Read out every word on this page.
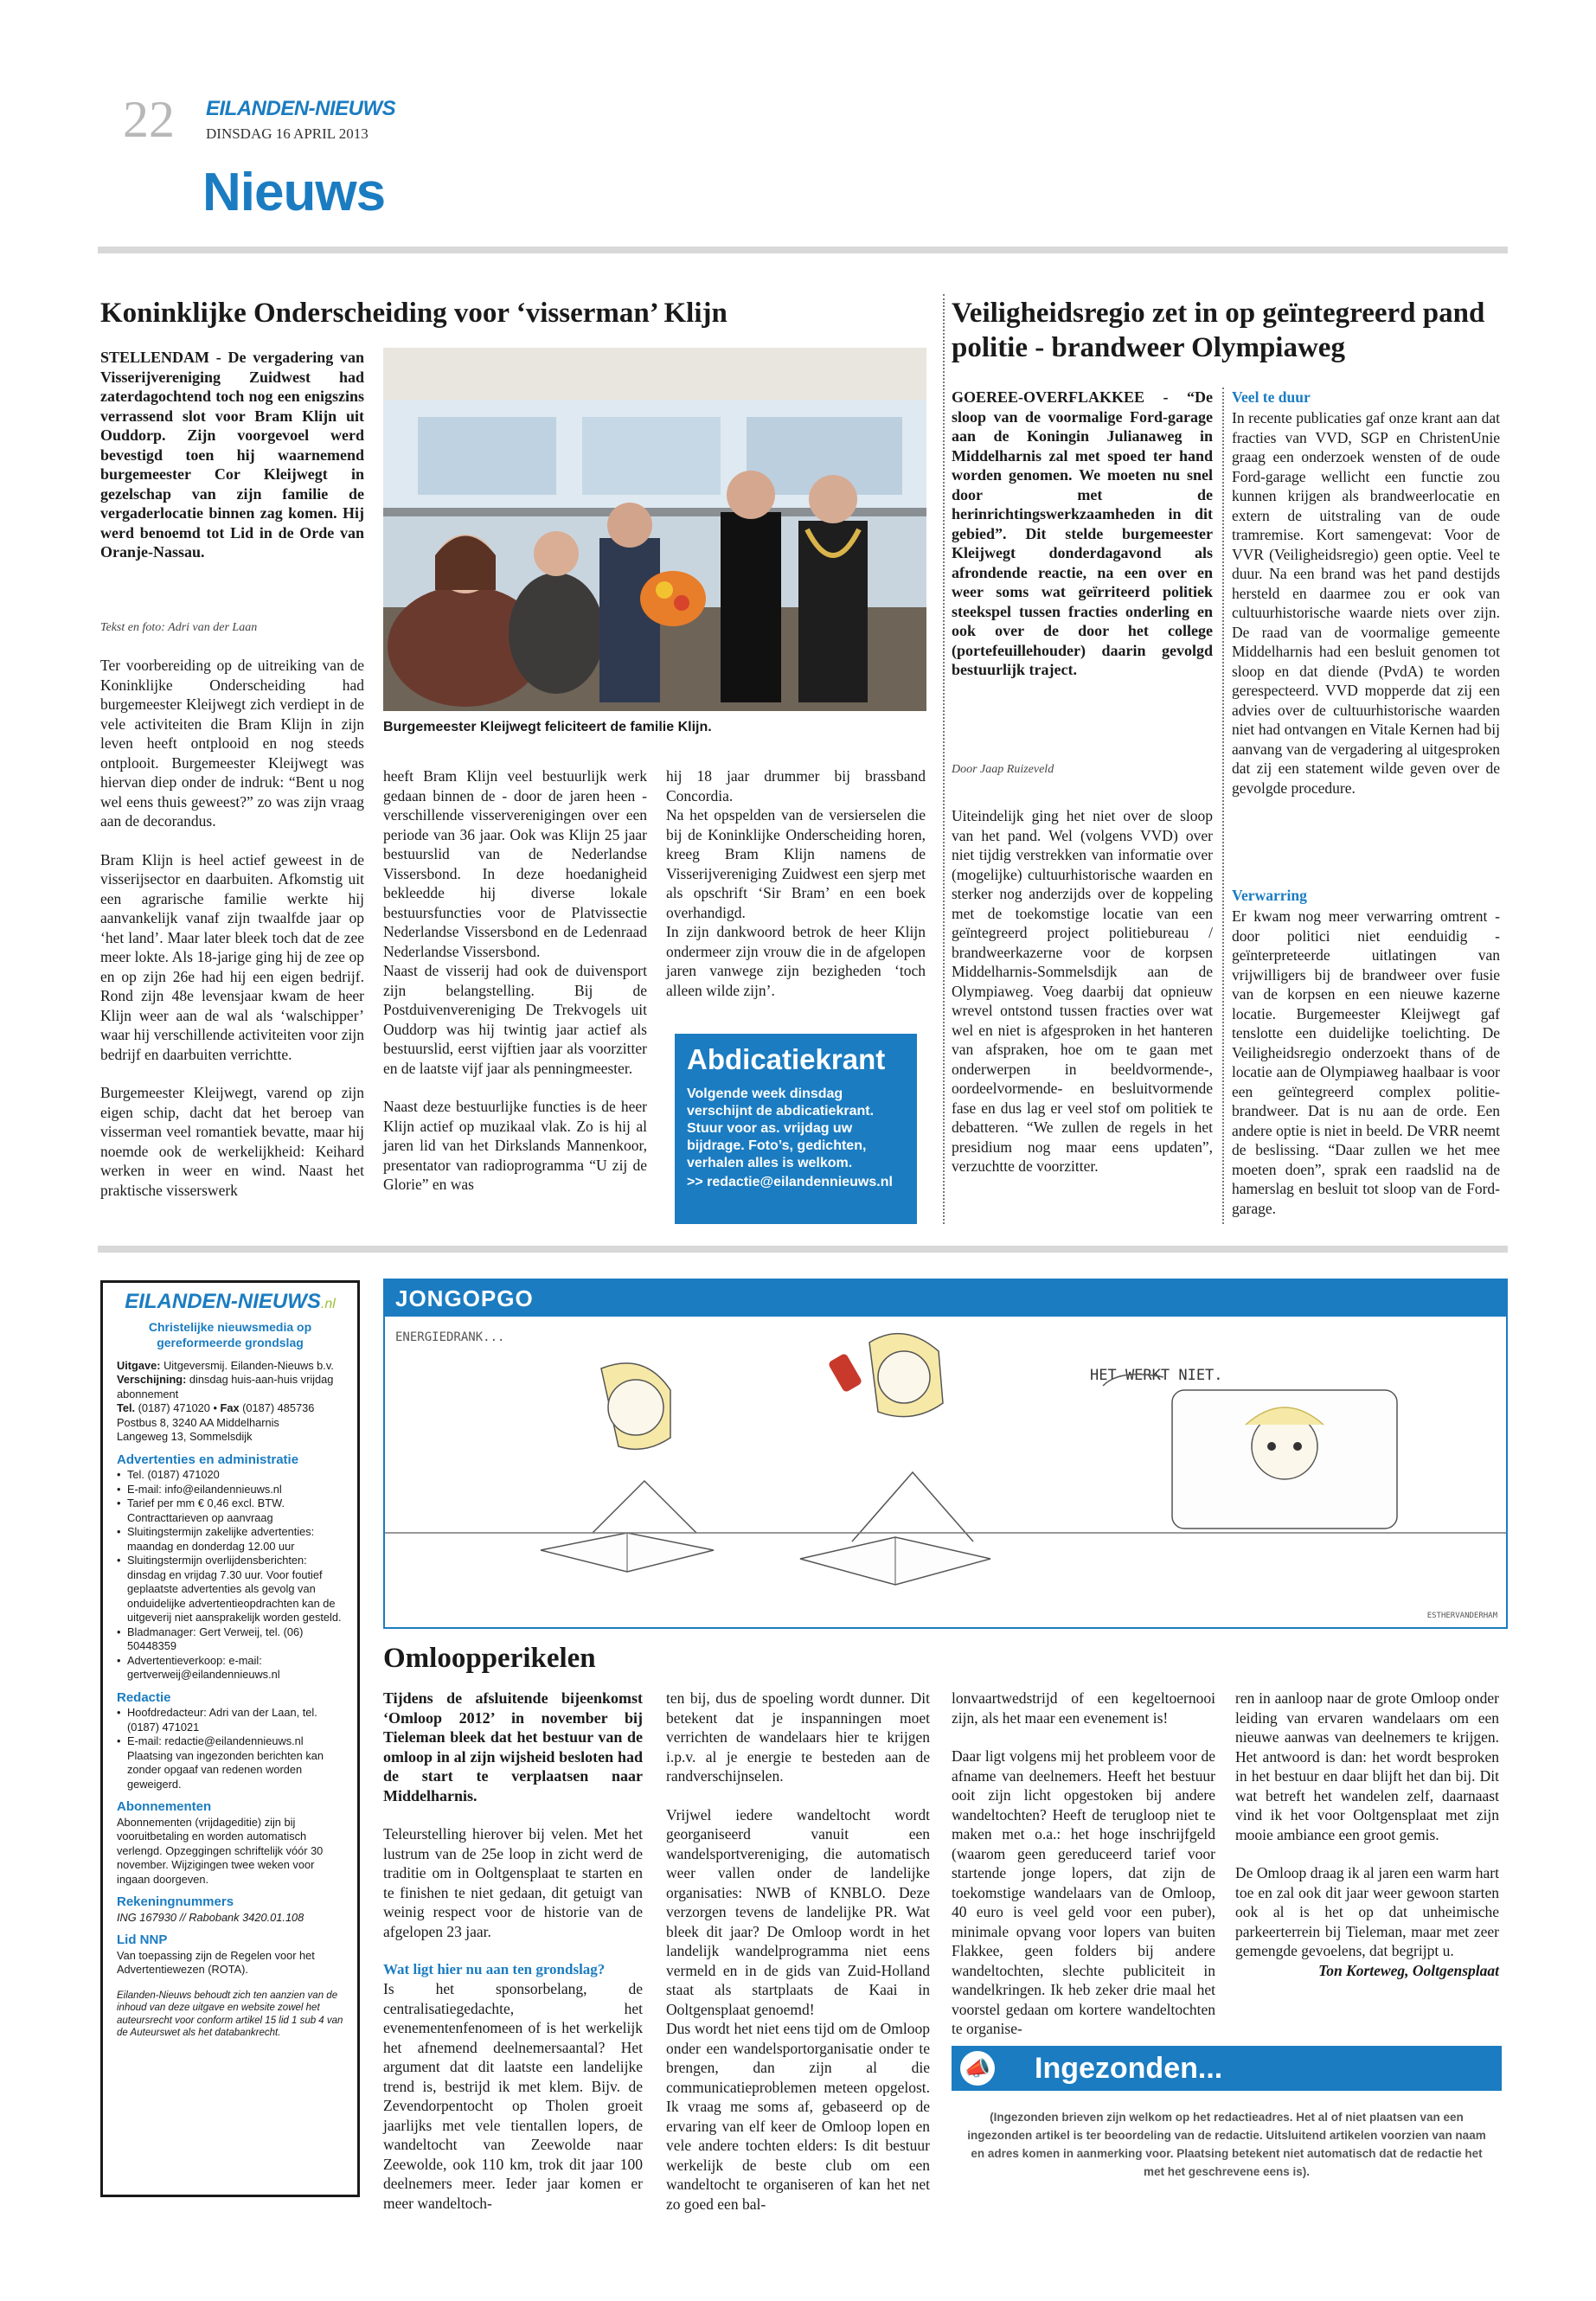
22 EILANDEN-NIEUWS
DINSDAG 16 APRIL 2013
Nieuws
Koninklijke Onderscheiding voor ‘visserman’ Klijn
STELLENDAM - De vergadering van Visserijvereniging Zuidwest had zaterdagochtend toch nog een enigszins verrassend slot voor Bram Klijn uit Ouddorp. Zijn voorgevoel werd bevestigd toen hij waarnemend burgemeester Cor Kleijwegt in gezelschap van zijn familie de vergaderlocatie binnen zag komen. Hij werd benoemd tot Lid in de Orde van Oranje-Nassau.
Tekst en foto: Adri van der Laan

Ter voorbereiding op de uitreiking van de Koninklijke Onderscheiding had burgemeester Kleijwegt zich verdiept in de vele activiteiten die Bram Klijn in zijn leven heeft ontplooid en nog steeds ontplooit. Burgemeester Kleijwegt was hiervan diep onder de indruk: “Bent u nog wel eens thuis geweest?” zo was zijn vraag aan de decorandus.

Bram Klijn is heel actief geweest in de visserijsector en daarbuiten. Afkomstig uit een agrarische familie werkte hij aanvankelijk vanaf zijn twaalfde jaar op ‘het land’. Maar later bleek toch dat de zee meer lokte. Als 18-jarige ging hij de zee op en op zijn 26e had hij een eigen bedrijf. Rond zijn 48e levensjaar kwam de heer Klijn weer aan de wal als ‘walschipper’ waar hij verschillende activiteiten voor zijn bedrijf en daarbuiten verrichtte.

Burgemeester Kleijwegt, varend op zijn eigen schip, dacht dat het beroep van visserman veel romantiek bevatte, maar hij noemde ook de werkelijkheid: Keihard werken in weer en wind. Naast het praktische visserswerk

Burgemeester Kleijwegt feliciteert de familie Klijn.

heeft Bram Klijn veel bestuurlijk werk gedaan binnen de - door de jaren heen - verschillende visserverenigingen over een periode van 36 jaar. Ook was Klijn 25 jaar bestuurslid van de Nederlandse Vissersbond. In deze hoedanigheid bekleedde hij diverse lokale bestuursfuncties voor de Platvissectie Nederlandse Vissersbond en de Ledenraad Nederlandse Vissersbond.

Naast de visserij had ook de duivensport zijn belangstelling. Bij de Postduivenvereniging De Trekvogels uit Ouddorp was hij twintig jaar actief als bestuurslid, eerst vijftien jaar als voorzitter en de laatste vijf jaar als penningmeester.

Naast deze bestuurlijke functies is de heer Klijn actief op muzikaal vlak. Zo is hij al jaren lid van het Dirkslands Mannenkoor, presentator van radioprogramma “U zij de Glorie” en was

hij 18 jaar drummer bij brassband Concordia.

Na het opspelden van de versierselen die bij de Koninklijke Onderscheiding horen, kreeg Bram Klijn namens de Visserijvereniging Zuidwest een sjerp met als opschrift ‘Sir Bram’ en een boek overhandigd.

In zijn dankwoord betrok de heer Klijn ondermeer zijn vrouw die in de afgelopen jaren vanwege zijn bezigheden ‘toch alleen wilde zijn’.

Abdicatiekrant
Volgende week dinsdag verschijnt de abdicatiekrant. Stuur voor as. vrijdag uw bijdrage. Foto’s, gedichten, verhalen alles is welkom.
>> redactie@eilandennieuws.nl
Veiligheidsregio zet in op geïntegreerd pand politie - brandweer Olympiaweg
GOEREE-OVERFLAKKEE - “De sloop van de voormalige Ford-garage aan de Koningin Julianaweg in Middelharnis zal met spoed ter hand worden genomen. We moeten nu snel door met de herinrichtingswerkzaamheden in dit gebied”. Dit stelde burgemeester Kleijwegt donderdagavond als afrondende reactie, na een over en weer soms wat geïrriteerd politiek steekspel tussen fracties onderling en ook over de door het college (portefeuillehouder) daarin gevolgd bestuurlijk traject.
Door Jaap Ruizeveld
Uiteindelijk ging het niet over de sloop van het pand. Wel (volgens VVD) over niet tijdig verstrekken van informatie over (mogelijke) cultuurhistorische waarden en sterker nog anderzijds over de koppeling met de toekomstige locatie van een geïntegreerd project politiebureau / brandweerkazerne voor de korpsen Middelharnis-Sommelsdijk aan de Olympiaweg. Voeg daarbij dat opnieuw wrevel ontstond tussen fracties over wat wel en niet is afgesproken in het hanteren van afspraken, hoe om te gaan met onderwerpen in beeldvormende-, oordeelvormende- en besluitvormende fase en dus lag er veel stof om politiek te debatteren. “We zullen de regels in het presidium nog maar eens updaten”, verzuchtte de voorzitter.
Veel te duur
In recente publicaties gaf onze krant aan dat fracties van VVD, SGP en ChristenUnie graag een onderzoek wensten of de oude Ford-garage wellicht een functie zou kunnen krijgen als brandweerlocatie en extern de uitstraling van de oude tramremise. Kort samengevat: Voor de VVR (Veiligheidsregio) geen optie. Veel te duur. Na een brand was het pand destijds hersteld en daarmee zou er ook van cultuurhistorische waarde niets over zijn. De raad van de voormalige gemeente Middelharnis had een besluit genomen tot sloop en dat diende (PvdA) te worden gerespecteerd. VVD mopperde dat zij een advies over de cultuurhistorische waarden niet had ontvangen en Vitale Kernen had bij aanvang van de vergadering al uitgesproken dat zij een statement wilde geven over de gevolgde procedure.
Verwarring
Er kwam nog meer verwarring omtrent - door politici niet eenduidig - geïnterpreteerde uitlatingen van vrijwilligers bij de brandweer over fusie van de korpsen en een nieuwe kazerne locatie. Burgemeester Kleijwegt gaf tenslotte een duidelijke toelichting. De Veiligheidsregio onderzoekt thans of de locatie aan de Olympiaweg haalbaar is voor een geïntegreerd complex politie-brandweer. Dat is nu aan de orde. Een andere optie is niet in beeld. De VRR neemt de beslissing. “Daar zullen we het mee moeten doen”, sprak een raadslid na de hamerslag en besluit tot sloop van de Ford-garage.
EILANDEN-NIEUWS.nl
Christelijke nieuwsmedia op gereformeerde grondslag
Uitgave: Uitgeversmij. Eilanden-Nieuws b.v.
Verschijning: dinsdag huis-aan-huis vrijdag abonnement
Tel. (0187) 471020 • Fax (0187) 485736
Postbus 8, 3240 AA Middelharnis
Langeweg 13, Sommelsdijk
Advertenties en administratie
• Tel. (0187) 471020
• E-mail: info@eilandennieuws.nl
• Tarief per mm € 0,46 excl. BTW. Contracttarieven op aanvraag
• Sluitingstermijn zakelijke advertenties: maandag en donderdag 12.00 uur
• Sluitingstermijn overlijdensberichten: dinsdag en vrijdag 7.30 uur. Voor foutief geplaatste advertenties als gevolg van onduidelijke advertentieopdrachten kan de uitgeverij niet aansprakelijk worden gesteld.
• Bladmanager: Gert Verweij, tel. (06) 50448359
• Advertentieverkoop: e-mail: gertverweij@eilandennieuws.nl
Redactie
• Hoofdredacteur: Adri van der Laan, tel. (0187) 471021
• E-mail: redactie@eilandennieuws.nl Plaatsing van ingezonden berichten kan zonder opgaaf van redenen worden geweigerd.
Abonnementen
Abonnementen (vrijdageditie) zijn bij vooruitbetaling en worden automatisch verlengd. Opzeggingen schriftelijk vóór 30 november. Wijzigingen twee weken voor ingaan doorgeven.
Rekeningnummers
ING 167930 // Rabobank 3420.01.108
Lid NNP
Van toepassing zijn de Regelen voor het Advertentiewezen (ROTA).
Eilanden-Nieuws behoudt zich ten aanzien van de inhoud van deze uitgave en website zowel het auteursrecht voor conform artikel 15 lid 1 sub 4 van de Auteurswet als het databankrecht.
JONGOPGO
ENERGIEDRANK...
HET WERKT NIET.
ESTHERVANDERHAM
Omloopperikelen

Tijdens de afsluitende bijeenkomst ‘Omloop 2012’ in november bij Tieleman bleek dat het bestuur van de omloop in al zijn wijsheid besloten had de start te verplaatsen naar Middelharnis.

Teleurstelling hierover bij velen. Met het lustrum van de 25e loop in zicht werd de traditie om in Ooltgensplaat te starten en te finishen te niet gedaan, dit getuigt van weinig respect voor de historie van de afgelopen 23 jaar.

Wat ligt hier nu aan ten grondslag?

Is het sponsorbelang, de centralisatiegedachte, het evenementenfenomeen of is het werkelijk het afnemend deelnemersaantal? Het argument dat dit laatste een landelijke trend is, bestrijd ik met klem. Bijv. de Zevendorpentocht op Tholen groeit jaarlijks met vele tientallen lopers, de wandeltocht van Zeewolde naar Zeewolde, ook 110 km, trok dit jaar 100 deelnemers meer. Ieder jaar komen er meer wandeltoch-

ten bij, dus de spoeling wordt dunner. Dit betekent dat je inspanningen moet verrichten de wandelaars hier te krijgen i.p.v. al je energie te besteden aan de randverschijnselen.

Vrijwel iedere wandeltocht wordt georganiseerd vanuit een wandelsportvereniging, die automatisch weer vallen onder de landelijke organisaties: NWB of KNBLO. Deze verzorgen tevens de landelijke PR. Wat bleek dit jaar? De Omloop wordt in het landelijk wandelprogramma niet eens vermeld en in de gids van Zuid-Holland staat als startplaats de Kaai in Ooltgensplaat genoemd!

Dus wordt het niet eens tijd om de Omloop onder een wandelsportorganisatie onder te brengen, dan zijn al die communicatieproblemen meteen opgelost. Ik vraag me soms af, gebaseerd op de ervaring van elf keer de Omloop lopen en vele andere tochten elders: Is dit bestuur werkelijk de beste club om een wandeltocht te organiseren of kan het net zo goed een bal-

lonvaartwedstrijd of een kegeltoernooi zijn, als het maar een evenement is!

Daar ligt volgens mij het probleem voor de afname van deelnemers. Heeft het bestuur ooit zijn licht opgestoken bij andere wandeltochten? Heeft de terugloop niet te maken met o.a.: het hoge inschrijfgeld (waarom geen gereduceerd tarief voor startende jonge lopers, dat zijn de toekomstige wandelaars van de Omloop, 40 euro is veel geld voor een puber), minimale opvang voor lopers van buiten Flakkee, geen folders bij andere wandeltochten, slechte publiciteit in wandelkringen. Ik heb zeker drie maal het voorstel gedaan om kortere wandeltochten te organise-

ren in aanloop naar de grote Omloop onder leiding van ervaren wandelaars om een nieuwe aanwas van deelnemers te krijgen. Het antwoord is dan: het wordt besproken in het bestuur en daar blijft het dan bij. Dit wat betreft het wandelen zelf, daarnaast vind ik het voor Ooltgensplaat met zijn mooie ambiance een groot gemis.

De Omloop draag ik al jaren een warm hart toe en zal ook dit jaar weer gewoon starten ook al is het op dat unheimische parkeerterrein bij Tieleman, maar met zeer gemengde gevoelens, dat begrijpt u.

Ton Korteweg, Ooltgensplaat

📣 Ingezonden...
(Ingezonden brieven zijn welkom op het redactieadres. Het al of niet plaatsen van een ingezonden artikel is ter beoordeling van de redactie. Uitsluitend artikelen voorzien van naam en adres komen in aanmerking voor. Plaatsing betekent niet automatisch dat de redactie het met het geschrevene eens is).
